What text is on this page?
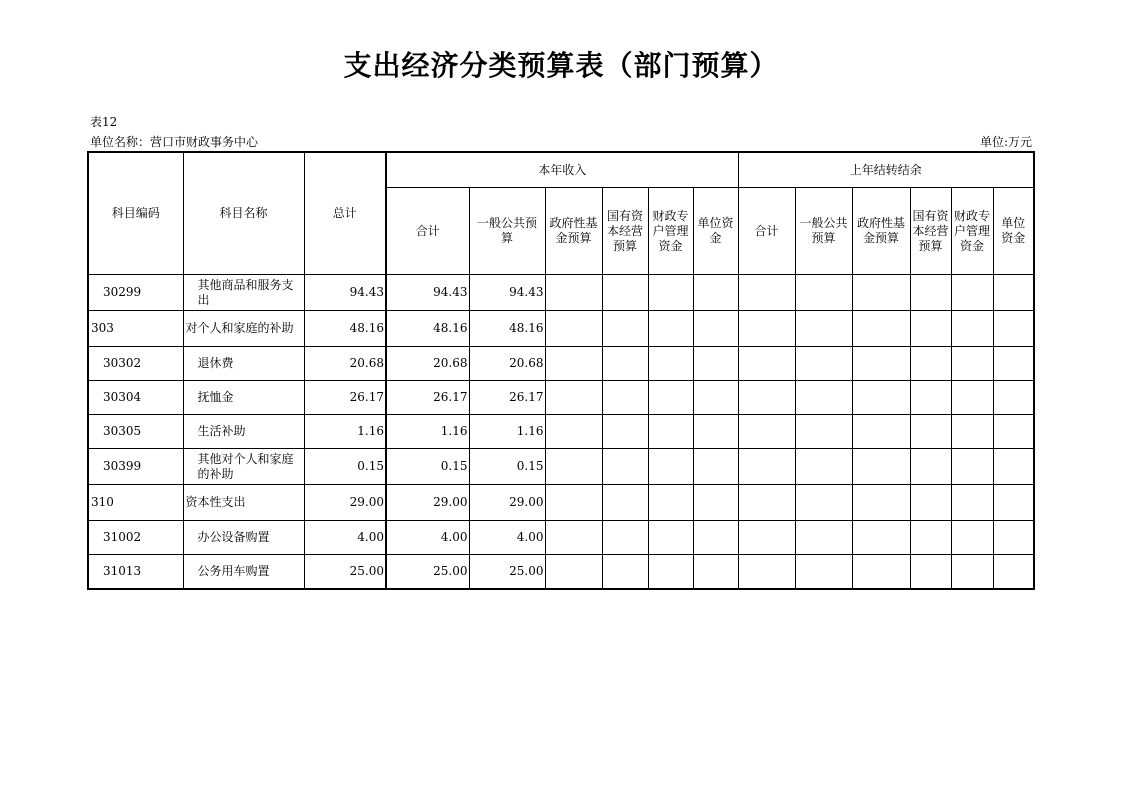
支出经济分类预算表（部门预算）
表12
单位名称：营口市财政事务中心	单位:万元
科目编码	科目名称	总计	本年收入						上年结转结余					
			合计	一般公共预算	政府性基金预算	国有资本经营预算	财政专户管理资金	单位资金	合计	一般公共预算	政府性基金预算	国有资本经营预算	财政专户管理资金	单位资金
30299	其他商品和服务支出	94.43	94.43	94.43										
303	对个人和家庭的补助	48.16	48.16	48.16										
30302	退休费	20.68	20.68	20.68										
30304	抚恤金	26.17	26.17	26.17										
30305	生活补助	1.16	1.16	1.16										
30399	其他对个人和家庭的补助	0.15	0.15	0.15										
310	资本性支出	29.00	29.00	29.00										
31002	办公设备购置	4.00	4.00	4.00										
31013	公务用车购置	25.00	25.00	25.00										
